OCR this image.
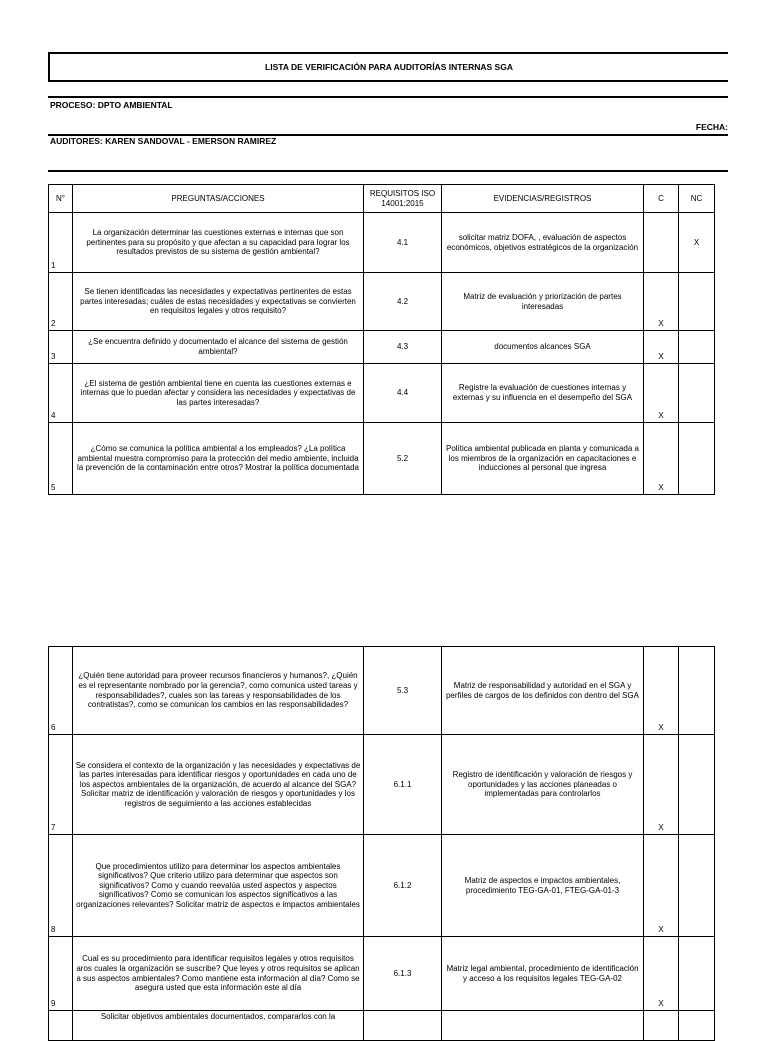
LISTA DE VERIFICACIÓN PARA AUDITORÍAS INTERNAS SGA
PROCESO: DPTO AMBIENTAL
FECHA:
AUDITORES: KAREN SANDOVAL - EMERSON RAMIREZ
N°	PREGUNTAS/ACCIONES	REQUISITOS ISO 14001:2015	EVIDENCIAS/REGISTROS	C	NC
1	La organización determinar las cuestiones externas e internas que son pertinentes para su propósito y que afectan a su capacidad para lograr los resultados previstos de su sistema de gestión ambiental?	4.1	solicitar matriz DOFA, , evaluación de aspectos económicos, objetivos estratégicos de la organización		X
2	Se tienen identificadas las necesidades y expectativas pertinentes de estas partes interesadas; cuáles de estas necesidades y expectativas se convierten en requisitos legales y otros requisito?	4.2	Matriz de evaluación y priorización de partes interesadas	X	
3	¿Se encuentra definido y documentado el alcance del sistema de gestión ambiental?	4.3	documentos alcances SGA	X	
4	¿El sistema de gestión ambiental tiene en cuenta las cuestiones externas e internas que lo puedan afectar y considera las necesidades y expectativas de las partes interesadas?	4.4	Registre la evaluación de cuestiones internas y externas y su influencia en el desempeño del SGA	X	
5	¿Cómo se comunica la política ambiental a los empleados? ¿La política ambiental muestra compromiso para la protección del medio ambiente, incluida la prevención de la contaminación entre otros? Mostrar la política documentada	5.2	Política ambiental publicada en planta y comunicada a los miembros de la organización en capacitaciones e inducciones al personal que ingresa	X	
6	¿Quién tiene autoridad para proveer recursos financieros y humanos?, ¿Quién es el representante nombrado por la gerencia?, como comunica usted tareas y responsabilidades?, cuales son las tareas y responsabilidades de los contratistas?, como se comunican los cambios en las responsabilidades?	5.3	Matriz de responsabilidad y autoridad en el SGA y perfiles de cargos de los definidos con dentro del SGA	X	
7	Se considera el contexto de la organización y las necesidades y expectativas de las partes interesadas para identificar riesgos y oportunidades en cada uno de los aspectos ambientales de la organización, de acuerdo al alcance del SGA? Solicitar matriz de identificación y valoración de riesgos y oportunidades y los registros de seguimiento a las acciones establecidas	6.1.1	Registro de identificación y valoración de riesgos y oportunidades y las acciones planeadas o implementadas para controlarlos	X	
8	Que procedimientos utilizo para determinar los aspectos ambientales significativos? Que criterio utilizo para determinar que aspectos son significativos? Como y cuando reevalúa usted aspectos y aspectos significativos? Como se comunican los aspectos significativos a las organizaciones relevantes? Solicitar matriz de aspectos e impactos ambientales	6.1.2	Matriz de aspectos e impactos ambientales, procedimiento TEG-GA-01, FTEG-GA-01-3	X	
9	Cual es su procedimiento para identificar requisitos legales y otros requisitos aros cuales la organización se suscribe? Que leyes y otros requisitos se aplican a sus aspectos ambientales? Como mantiene esta información al día? Como se asegura usted que esta información este al día	6.1.3	Matriz legal ambiental, procedimiento de identificación y acceso a los requisitos legales TEG-GA-02	X	
	Solicitar objetivos ambientales documentados, compararlos con la				
